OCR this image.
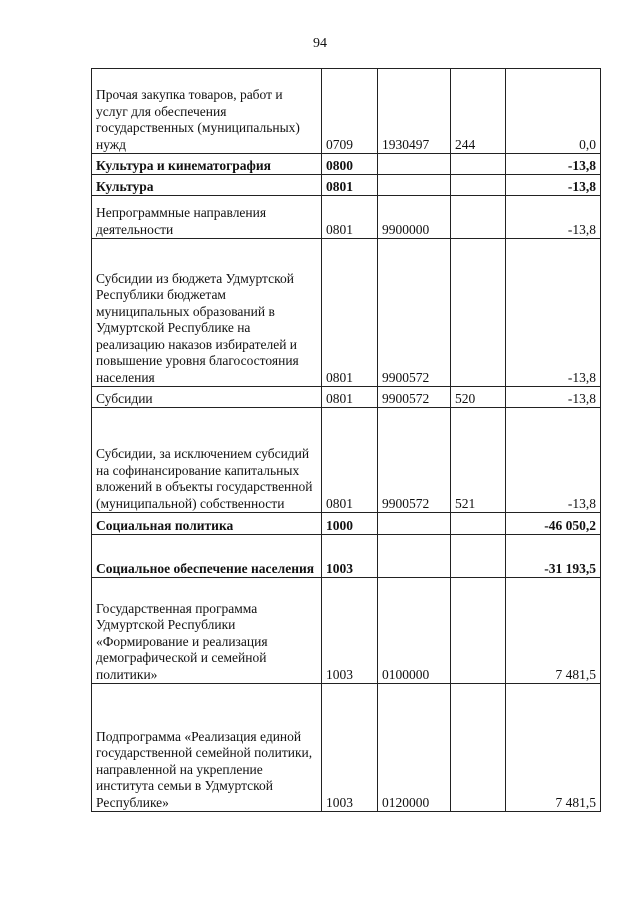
94
Прочая закупка товаров, работ и услуг для обеспечения государственных (муниципальных) нужд	0709	1930497	244	0,0
Культура и кинематография	0800			-13,8
Культура	0801			-13,8
Непрограммные направления деятельности	0801	9900000		-13,8
Субсидии из бюджета Удмуртской Республики бюджетам муниципальных образований в Удмуртской Республике на реализацию наказов избирателей и повышение уровня благосостояния населения	0801	9900572		-13,8
Субсидии	0801	9900572	520	-13,8
Субсидии, за исключением субсидий на софинансирование капитальных вложений в объекты государственной (муниципальной) собственности	0801	9900572	521	-13,8
Социальная политика	1000			-46 050,2
Социальное обеспечение населения	1003			-31 193,5
Государственная программа Удмуртской Республики «Формирование и реализация демографической и семейной политики»	1003	0100000		7 481,5
Подпрограмма «Реализация единой государственной семейной политики, направленной на укрепление института семьи в Удмуртской Республике»	1003	0120000		7 481,5
